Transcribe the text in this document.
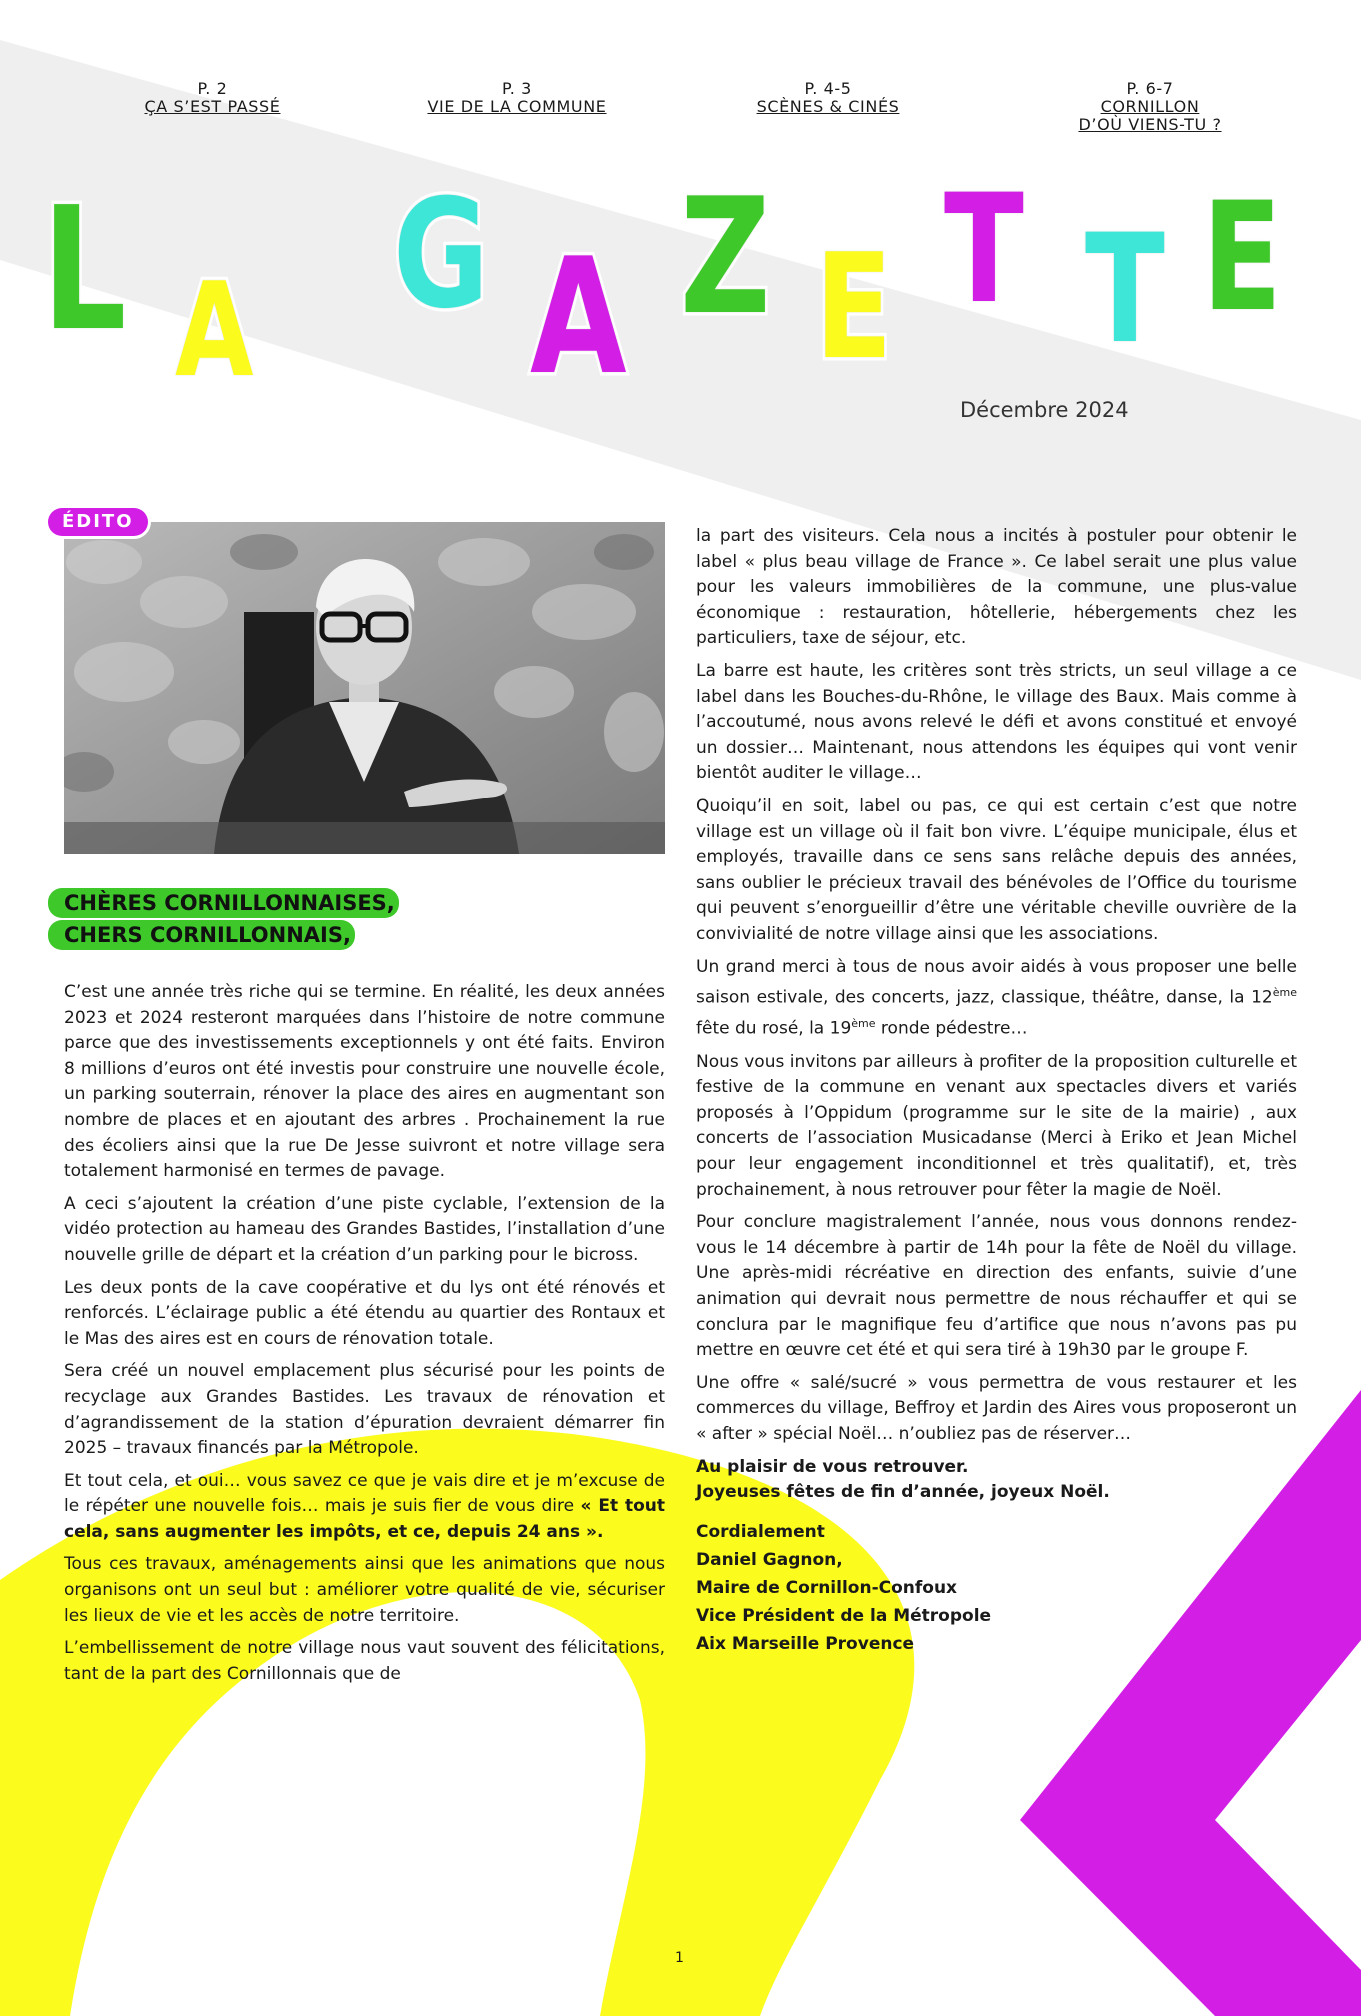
P. 2
ÇA S’EST PASSÉ
P. 3
VIE DE LA COMMUNE
P. 4-5
SCÈNES & CINÉS
P. 6-7
CORNILLON
D’OÙ VIENS-TU ?
L A G A Z E T T E
Décembre 2024
ÉDITO
CHÈRES CORNILLONNAISES,
CHERS CORNILLONNAIS,

C’est une année très riche qui se termine. En réalité, les deux années 2023 et 2024 resteront marquées dans l’histoire de notre commune parce que des investissements exceptionnels y ont été faits. Environ 8 millions d’euros ont été investis pour construire une nouvelle école, un parking souterrain, rénover la place des aires en augmentant son nombre de places et en ajoutant des arbres . Prochainement la rue des écoliers ainsi que la rue De Jesse suivront et notre village sera totalement harmonisé en termes de pavage.

A ceci s’ajoutent la création d’une piste cyclable, l’extension de la vidéo protection au hameau des Grandes Bastides, l’installation d’une nouvelle grille de départ et la création d’un parking pour le bicross.

Les deux ponts de la cave coopérative et du lys ont été rénovés et renforcés. L’éclairage public a été étendu au quartier des Rontaux et le Mas des aires est en cours de rénovation totale.

Sera créé un nouvel emplacement plus sécurisé pour les points de recyclage aux Grandes Bastides. Les travaux de rénovation et d’agrandissement de la station d’épuration devraient démarrer fin 2025 – travaux financés par la Métropole.

Et tout cela, et oui… vous savez ce que je vais dire et je m’excuse de le répéter une nouvelle fois… mais je suis fier de vous dire « Et tout cela, sans augmenter les impôts, et ce, depuis 24 ans ».

Tous ces travaux, aménagements ainsi que les animations que nous organisons ont un seul but : améliorer votre qualité de vie, sécuriser les lieux de vie et les accès de notre territoire.

L’embellissement de notre village nous vaut souvent des félicitations, tant de la part des Cornillonnais que de

la part des visiteurs. Cela nous a incités à postuler pour obtenir le label « plus beau village de France ». Ce label serait une plus value pour les valeurs immobilières de la commune, une plus-value économique : restauration, hôtellerie, hébergements chez les particuliers, taxe de séjour, etc.

La barre est haute, les critères sont très stricts, un seul village a ce label dans les Bouches-du-Rhône, le village des Baux. Mais comme à l’accoutumé, nous avons relevé le défi et avons constitué et envoyé un dossier… Maintenant, nous attendons les équipes qui vont venir bientôt auditer le village…

Quoiqu’il en soit, label ou pas, ce qui est certain c’est que notre village est un village où il fait bon vivre. L’équipe municipale, élus et employés, travaille dans ce sens sans relâche depuis des années, sans oublier le précieux travail des bénévoles de l’Office du tourisme qui peuvent s’enorgueillir d’être une véritable cheville ouvrière de la convivialité de notre village ainsi que les associations.

Un grand merci à tous de nous avoir aidés à vous proposer une belle saison estivale, des concerts, jazz, classique, théâtre, danse, la 12ème fête du rosé, la 19ème ronde pédestre…

Nous vous invitons par ailleurs à profiter de la proposition culturelle et festive de la commune en venant aux spectacles divers et variés proposés à l’Oppidum (programme sur le site de la mairie) , aux concerts de l’association Musicadanse (Merci à Eriko et Jean Michel pour leur engagement inconditionnel et très qualitatif), et, très prochainement, à nous retrouver pour fêter la magie de Noël.

Pour conclure magistralement l’année, nous vous donnons rendez-vous le 14 décembre à partir de 14h pour la fête de Noël du village. Une après-midi récréative en direction des enfants, suivie d’une animation qui devrait nous permettre de nous réchauffer et qui se conclura par le magnifique feu d’artifice que nous n’avons pas pu mettre en œuvre cet été et qui sera tiré à 19h30 par le groupe F.

Une offre « salé/sucré » vous permettra de vous restaurer et les commerces du village, Beffroy et Jardin des Aires vous proposeront un « after » spécial Noël… n’oubliez pas de réserver…

Au plaisir de vous retrouver.
Joyeuses fêtes de fin d’année, joyeux Noël.
Cordialement
Daniel Gagnon,
Maire de Cornillon-Confoux
Vice Président de la Métropole
Aix Marseille Provence
1
